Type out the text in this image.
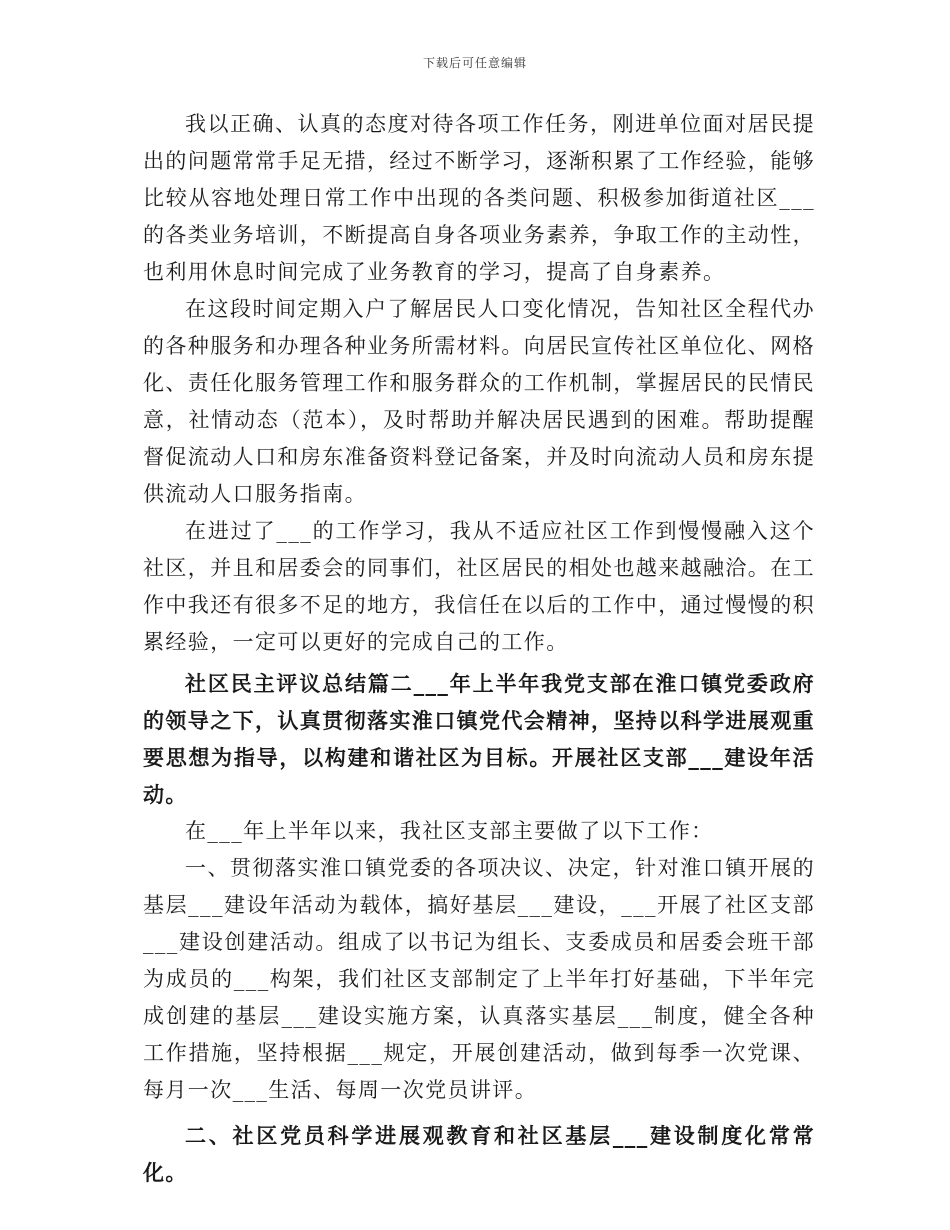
下载后可任意编辑

我以正确、认真的态度对待各项工作任务，刚进单位面对居民提出的问题常常手足无措，经过不断学习，逐渐积累了工作经验，能够比较从容地处理日常工作中出现的各类问题、积极参加街道社区___的各类业务培训，不断提高自身各项业务素养，争取工作的主动性，也利用休息时间完成了业务教育的学习，提高了自身素养。

在这段时间定期入户了解居民人口变化情况，告知社区全程代办的各种服务和办理各种业务所需材料。向居民宣传社区单位化、网格化、责任化服务管理工作和服务群众的工作机制，掌握居民的民情民意，社情动态（范本），及时帮助并解决居民遇到的困难。帮助提醒督促流动人口和房东准备资料登记备案，并及时向流动人员和房东提供流动人口服务指南。

在进过了___的工作学习，我从不适应社区工作到慢慢融入这个社区，并且和居委会的同事们，社区居民的相处也越来越融洽。在工作中我还有很多不足的地方，我信任在以后的工作中，通过慢慢的积累经验，一定可以更好的完成自己的工作。

社区民主评议总结篇二___年上半年我党支部在淮口镇党委政府的领导之下，认真贯彻落实淮口镇党代会精神，坚持以科学进展观重要思想为指导，以构建和谐社区为目标。开展社区支部___建设年活动。

在___年上半年以来，我社区支部主要做了以下工作：

一、贯彻落实淮口镇党委的各项决议、决定，针对淮口镇开展的基层___建设年活动为载体，搞好基层___建设，___开展了社区支部___建设创建活动。组成了以书记为组长、支委成员和居委会班干部为成员的___构架，我们社区支部制定了上半年打好基础，下半年完成创建的基层___建设实施方案，认真落实基层___制度，健全各种工作措施，坚持根据___规定，开展创建活动，做到每季一次党课、每月一次___生活、每周一次党员讲评。

二、社区党员科学进展观教育和社区基层___建设制度化常常化。
